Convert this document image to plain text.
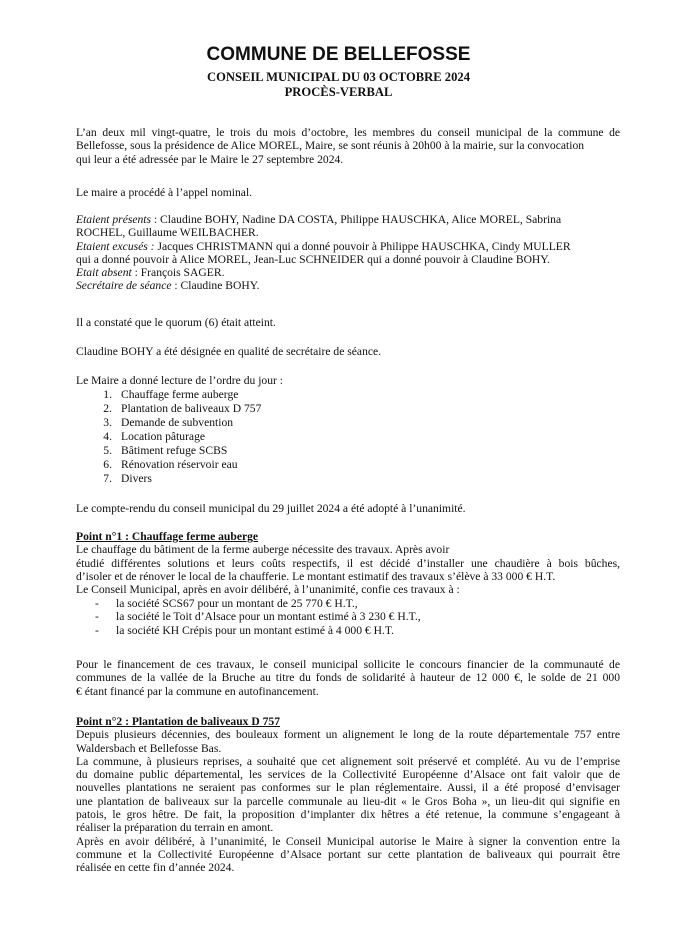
COMMUNE DE BELLEFOSSE
CONSEIL MUNICIPAL DU 03 OCTOBRE 2024
PROCÈS-VERBAL
L’an deux mil vingt-quatre, le trois du mois d’octobre, les membres du conseil municipal de la commune de
Bellefosse, sous la présidence de Alice MOREL, Maire, se sont réunis à 20h00 à la mairie, sur la convocation
qui leur a été adressée par le Maire le 27 septembre 2024.
Le maire a procédé à l’appel nominal.
Etaient présents : Claudine BOHY, Nadine DA COSTA, Philippe HAUSCHKA, Alice MOREL, Sabrina
ROCHEL, Guillaume WEILBACHER.
Etaient excusés : Jacques CHRISTMANN qui a donné pouvoir à Philippe HAUSCHKA, Cindy MULLER
qui a donné pouvoir à Alice MOREL, Jean-Luc SCHNEIDER qui a donné pouvoir à Claudine BOHY.
Etait absent : François SAGER.
Secrétaire de séance : Claudine BOHY.
Il a constaté que le quorum (6) était atteint.
Claudine BOHY a été désignée en qualité de secrétaire de séance.
Le Maire a donné lecture de l’ordre du jour :
1. Chauffage ferme auberge
2. Plantation de baliveaux D 757
3. Demande de subvention
4. Location pâturage
5. Bâtiment refuge SCBS
6. Rénovation réservoir eau
7. Divers
Le compte-rendu du conseil municipal du 29 juillet 2024 a été adopté à l’unanimité.
Point n°1 : Chauffage ferme auberge
Le chauffage du bâtiment de la ferme auberge nécessite des travaux. Après avoir
étudié différentes solutions et leurs coûts respectifs, il est décidé d’installer une chaudière à bois bûches,
d’isoler et de rénover le local de la chaufferie. Le montant estimatif des travaux s’élève à 33 000 € H.T.
Le Conseil Municipal, après en avoir délibéré, à l’unanimité, confie ces travaux à :
-	la société SCS67 pour un montant de 25 770 € H.T.,
-	la société le Toit d’Alsace pour un montant estimé à 3 230 € H.T.,
-	la société KH Crépis pour un montant estimé à 4 000 € H.T.
Pour le financement de ces travaux, le conseil municipal sollicite le concours financier de la communauté de
communes de la vallée de la Bruche au titre du fonds de solidarité à hauteur de 12 000 €, le solde de 21 000
€ étant financé par la commune en autofinancement.
Point n°2 : Plantation de baliveaux D 757
Depuis plusieurs décennies, des bouleaux forment un alignement le long de la route départementale 757 entre
Waldersbach et Bellefosse Bas.
La commune, à plusieurs reprises, a souhaité que cet alignement soit préservé et complété. Au vu de l’emprise
du domaine public départemental, les services de la Collectivité Européenne d’Alsace ont fait valoir que de
nouvelles plantations ne seraient pas conformes sur le plan réglementaire. Aussi, il a été proposé d’envisager
une plantation de baliveaux sur la parcelle communale au lieu-dit « le Gros Boha », un lieu-dit qui signifie en
patois, le gros hêtre. De fait, la proposition d’implanter dix hêtres a été retenue, la commune s’engageant à
réaliser la préparation du terrain en amont.
Après en avoir délibéré, à l’unanimité, le Conseil Municipal autorise le Maire à signer la convention entre la
commune et la Collectivité Européenne d’Alsace portant sur cette plantation de baliveaux qui pourrait être
réalisée en cette fin d’année 2024.
